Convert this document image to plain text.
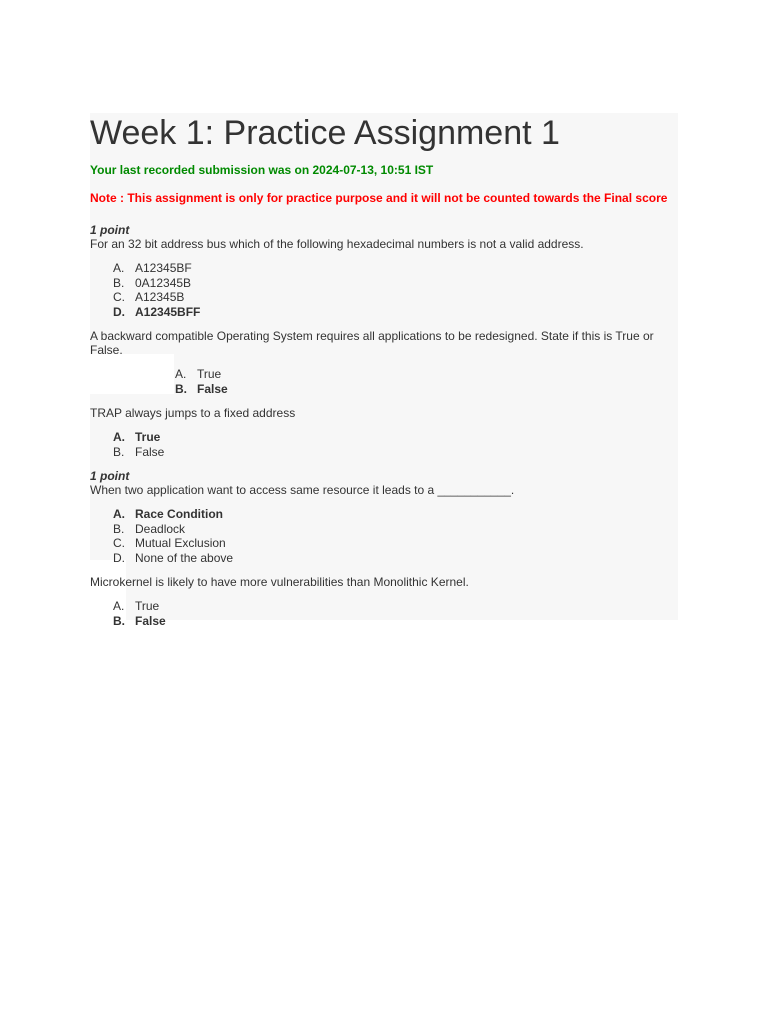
Week 1: Practice Assignment 1
Your last recorded submission was on 2024-07-13, 10:51 IST
Note : This assignment is only for practice purpose and it will not be counted towards the Final score
1 point
For an 32 bit address bus which of the following hexadecimal numbers is not a valid address.
A. A12345BF
B. 0A12345B
C. A12345B
D. A12345BFF
A backward compatible Operating System requires all applications to be redesigned. State if this is True or False.
A. True
B. False
TRAP always jumps to a fixed address
A. True
B. False
1 point
When two application want to access same resource it leads to a ___________.
A. Race Condition
B. Deadlock
C. Mutual Exclusion
D. None of the above
Microkernel is likely to have more vulnerabilities than Monolithic Kernel.
A. True
B. False
